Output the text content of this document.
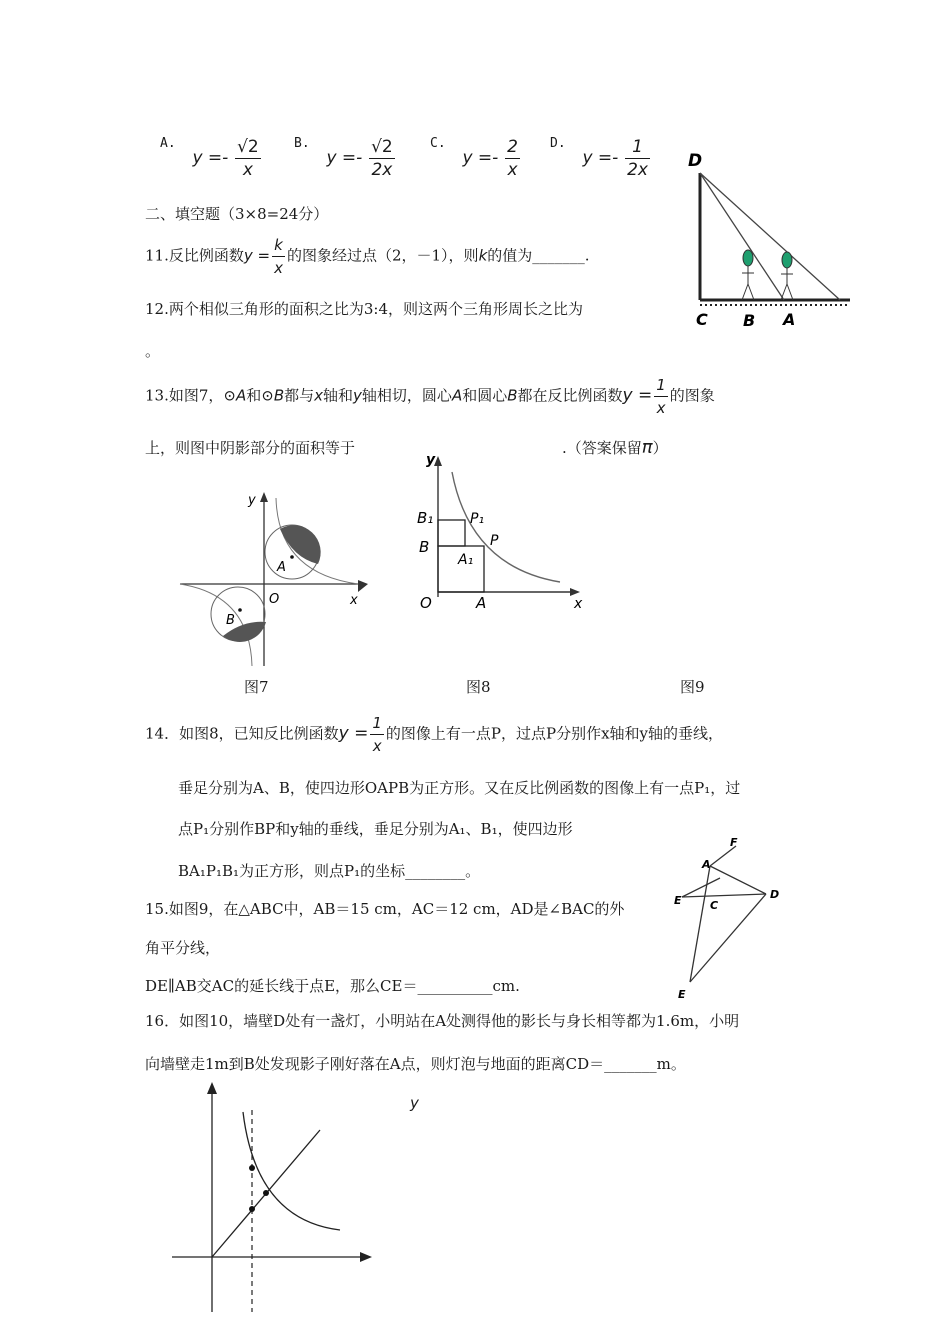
A. $y =- \frac{√2}{x}$	B. $y =- \frac{√2}{2x}$	C. $y =- \frac{2}{x} D$. $y =- \frac{1}{2x}$ D
C B A
二、填空题（3×8=24分）
11.反比例函数$y = \frac{k}{x}$ 的图象经过点（2，－1），则k的值为_______.
12.两个相似三角形的面积之比为3:4，则这两个三角形周长之比为
。
13.如图7，⊙A和⊙B都与x轴和y轴相切，圆心A和圆心B都在反比例函数$y = \frac{1}{x}$ 的图象
上，则图中阴影部分的面积等于	.（答案保留π）
y
x
O
A
B
y
x
O	A
B
B₁	P₁
P
A₁
图7	图8	图9
14．如图8，已知反比例函数$y = \frac{1}{x}$ 的图像上有一点P，过点P分别作x轴和y轴的垂线，
垂足分别为A、B，使四边形OAPB为正方形。又在反比例函数的图像上有一点P₁，过
点P₁分别作BP和y轴的垂线，垂足分别为A₁、B₁，使四边形
BA₁P₁B₁为正方形，则点P₁的坐标________。
F
A
E	C
D
E
15.如图9，在△ABC中，AB＝15 cm，AC＝12 cm，AD是∠BAC的外
角平分线，
DE∥AB交AC的延长线于点E，那么CE＝__________cm.
16．如图10，墙壁D处有一盏灯，小明站在A处测得他的影长与身长相等都为1.6m，小明
向墙壁走1m到B处发现影子刚好落在A点，则灯泡与地面的距离CD＝_______m。
y
